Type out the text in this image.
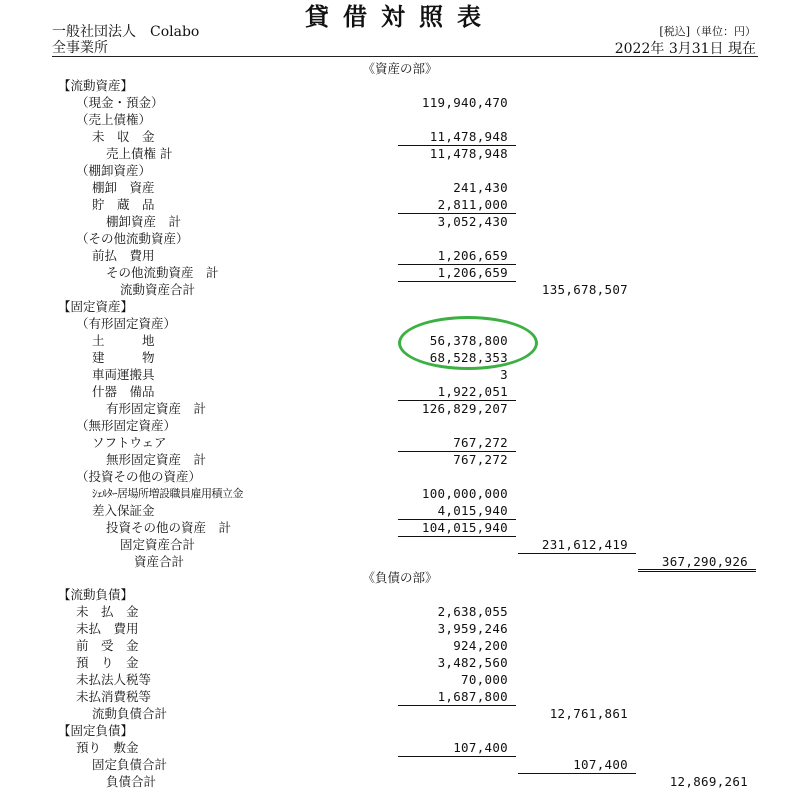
貸借対照表
一般社団法人　Colabo
全事業所
[税込]（単位：円）
2022年 3月31日 現在
《資産の部》
《負債の部》
【流動資産】
（現金・預金）	119,940,470
（売上債権）
未　収　金	11,478,948
売上債権 計	11,478,948
（棚卸資産）
棚卸　資産	241,430
貯　蔵　品	2,811,000
棚卸資産　計	3,052,430
（その他流動資産）
前払　費用	1,206,659
その他流動資産　計	1,206,659
流動資産合計	135,678,507
【固定資産】
（有形固定資産）
土　　　地	56,378,800
建　　　物	68,528,353
車両運搬具	3
什器　備品	1,922,051
有形固定資産　計	126,829,207
（無形固定資産）
ソフトウェア	767,272
無形固定資産　計	767,272
（投資その他の資産）
ｼｪﾙﾀｰ居場所増設職員雇用積立金	100,000,000
差入保証金	4,015,940
投資その他の資産　計	104,015,940
固定資産合計	231,612,419
資産合計	367,290,926
【流動負債】
未　払　金	2,638,055
未払　費用	3,959,246
前　受　金	924,200
預　り　金	3,482,560
未払法人税等	70,000
未払消費税等	1,687,800
流動負債合計	12,761,861
【固定負債】
預り　敷金	107,400
固定負債合計	107,400
負債合計	12,869,261
